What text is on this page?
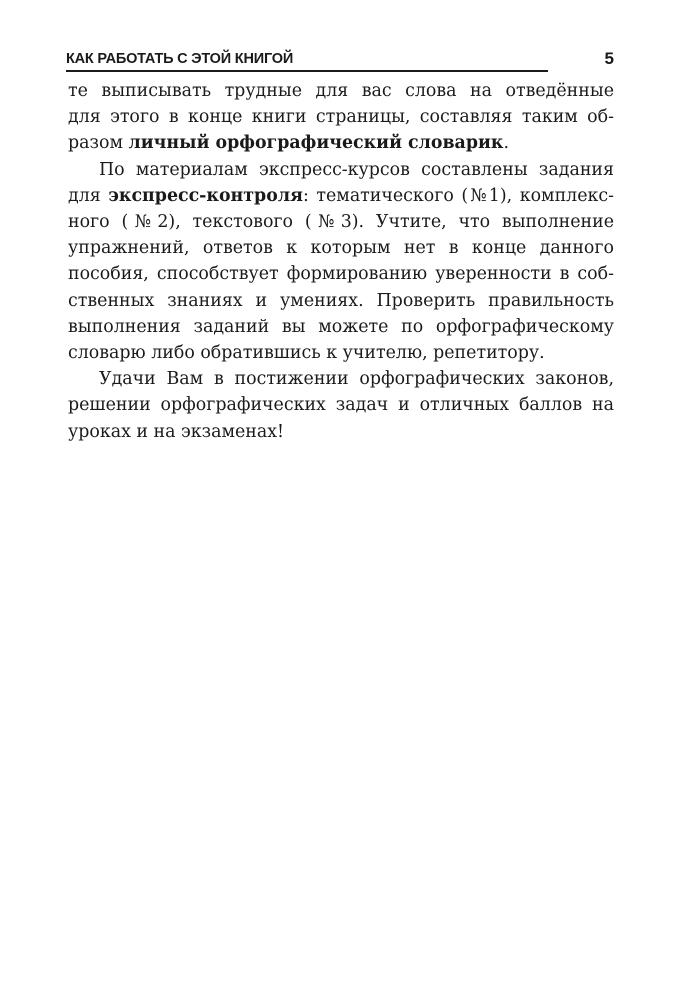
КАК РАБОТАТЬ С ЭТОЙ КНИГОЙ	5
те выписывать трудные для вас слова на отведённые
для этого в конце книги страницы, составляя таким об-
разом личный орфографический словарик.
По материалам экспресс-курсов составлены задания
для экспресс-контроля: тематического (№1), комплекс-
ного (№2), текстового (№3). Учтите, что выполнение
упражнений, ответов к которым нет в конце данного
пособия, способствует формированию уверенности в соб-
ственных знаниях и умениях. Проверить правильность
выполнения заданий вы можете по орфографическому
словарю либо обратившись к учителю, репетитору.
Удачи Вам в постижении орфографических законов,
решении орфографических задач и отличных баллов на
уроках и на экзаменах!
